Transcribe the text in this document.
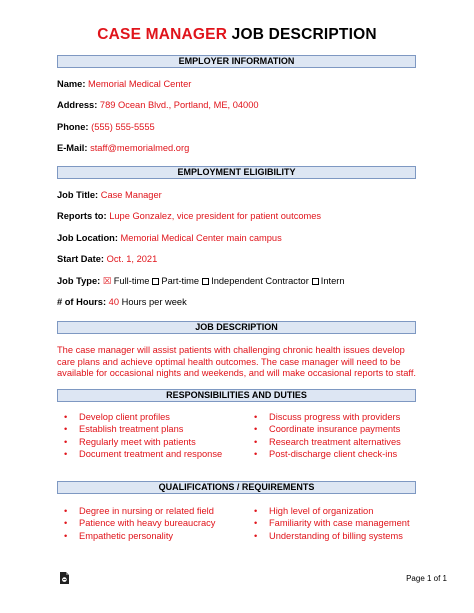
CASE MANAGER JOB DESCRIPTION
EMPLOYER INFORMATION
Name: Memorial Medical Center
Address: 789 Ocean Blvd., Portland, ME, 04000
Phone: (555) 555-5555
E-Mail: staff@memorialmed.org
EMPLOYMENT ELIGIBILITY
Job Title: Case Manager
Reports to: Lupe Gonzalez, vice president for patient outcomes
Job Location: Memorial Medical Center main campus
Start Date: Oct. 1, 2021
Job Type: ☒ Full-time Part-time Independent Contractor Intern
# of Hours: 40 Hours per week
JOB DESCRIPTION
The case manager will assist patients with challenging chronic health issues develop care plans and achieve optimal health outcomes. The case manager will need to be available for occasional nights and weekends, and will make occasional reports to staff.
RESPONSIBILITIES AND DUTIES
• Develop client profiles
• Establish treatment plans
• Regularly meet with patients
• Document treatment and response
• Discuss progress with providers
• Coordinate insurance payments
• Research treatment alternatives
• Post-discharge client check-ins
QUALIFICATIONS / REQUIREMENTS
• Degree in nursing or related field
• Patience with heavy bureaucracy
• Empathetic personality
• High level of organization
• Familiarity with case management
• Understanding of billing systems
Page 1 of 1
